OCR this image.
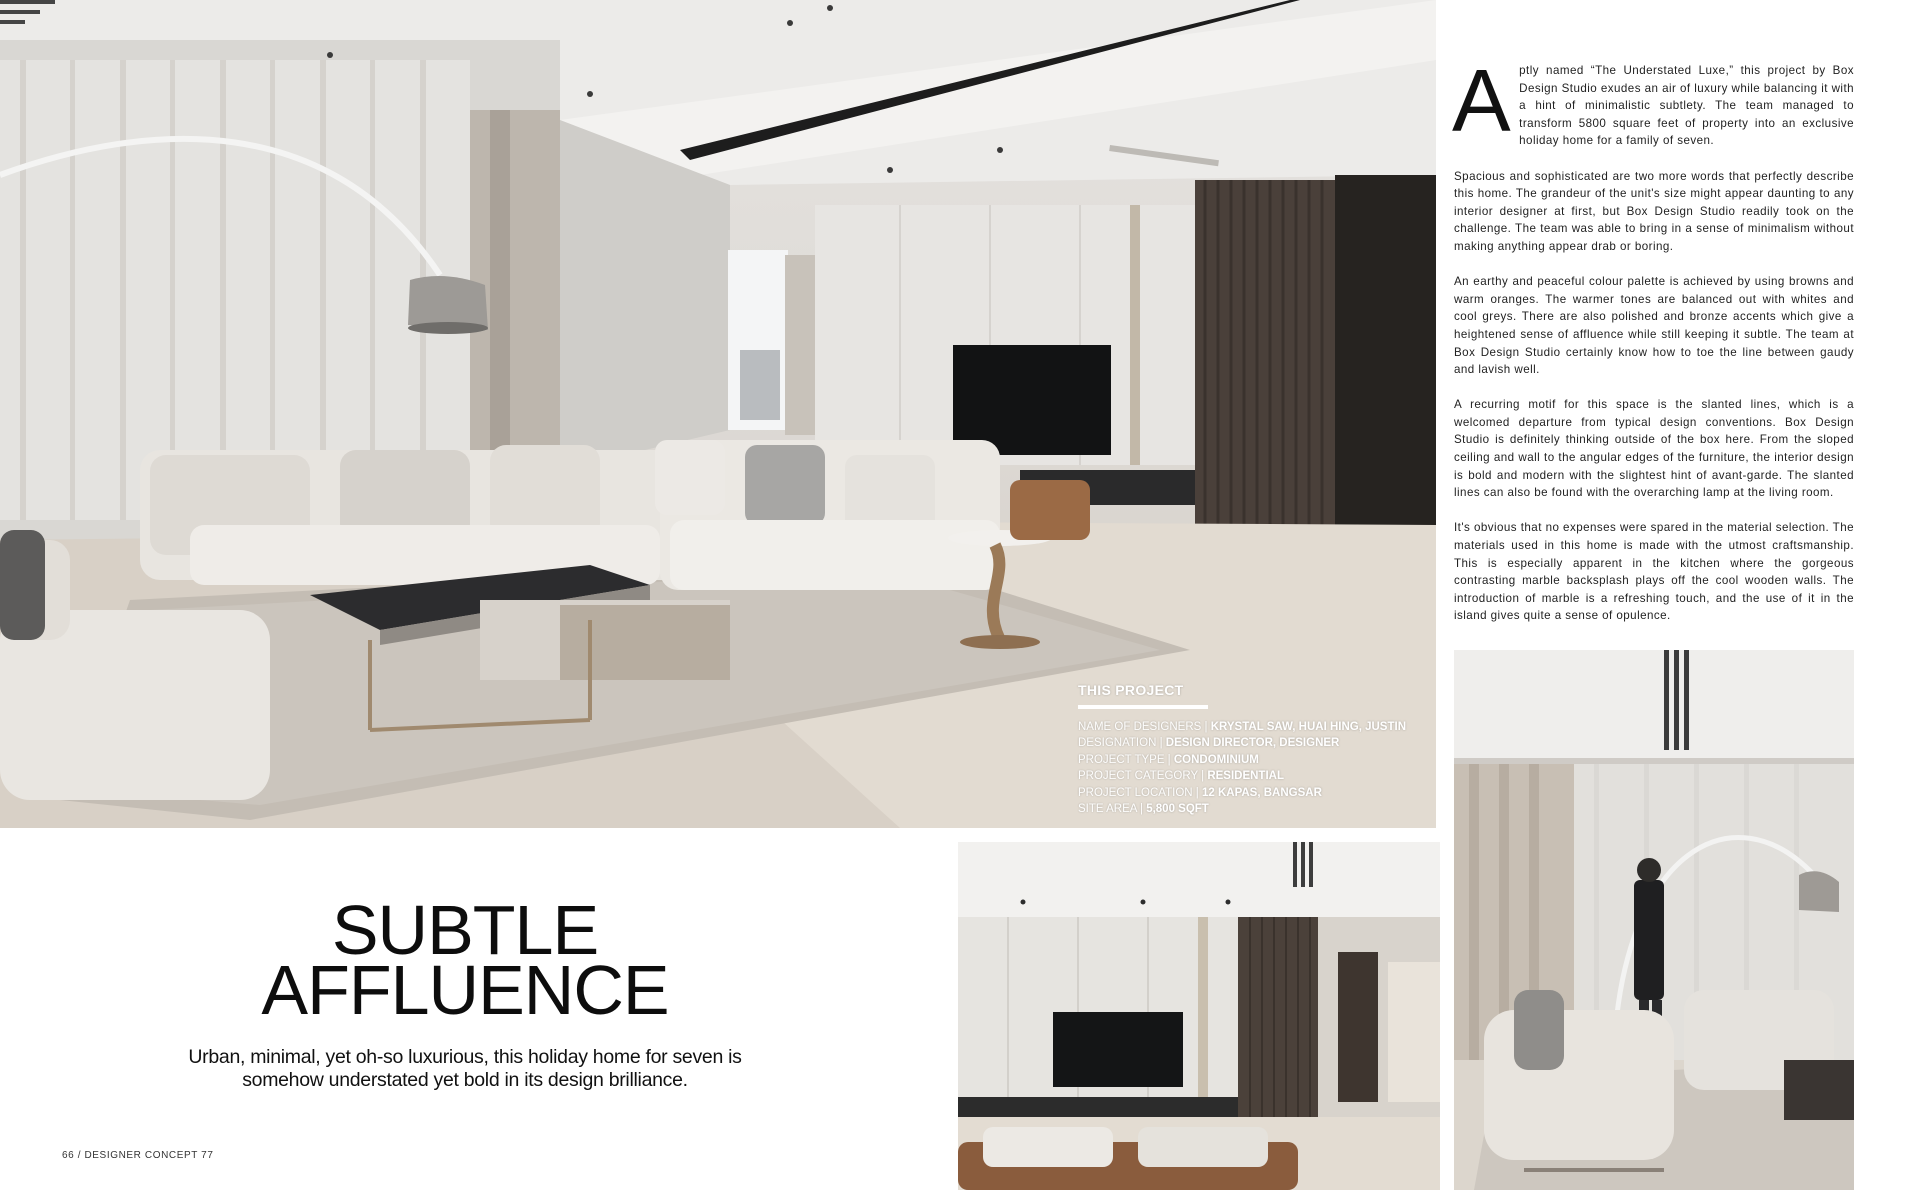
THIS PROJECT
NAME OF DESIGNERS | KRYSTAL SAW, HUAI HING, JUSTIN
DESIGNATION | DESIGN DIRECTOR, DESIGNER
PROJECT TYPE | CONDOMINIUM
PROJECT CATEGORY | RESIDENTIAL
PROJECT LOCATION | 12 KAPAS, BANGSAR
SITE AREA | 5,800 SQFT
SUBTLE
AFFLUENCE
Urban, minimal, yet oh-so luxurious, this holiday home for seven is
somehow understated yet bold in its design brilliance.
66 / DESIGNER CONCEPT 77

Aptly named “The Understated Luxe,” this project by Box Design Studio exudes an air of luxury while balancing it with a hint of minimalistic subtlety. The team managed to transform 5800 square feet of property into an exclusive holiday home for a family of seven.

Spacious and sophisticated are two more words that perfectly describe this home. The grandeur of the unit's size might appear daunting to any interior designer at first, but Box Design Studio readily took on the challenge. The team was able to bring in a sense of minimalism without making anything appear drab or boring.

An earthy and peaceful colour palette is achieved by using browns and warm oranges. The warmer tones are balanced out with whites and cool greys. There are also polished and bronze accents which give a heightened sense of affluence while still keeping it subtle. The team at Box Design Studio certainly know how to toe the line between gaudy and lavish well.

A recurring motif for this space is the slanted lines, which is a welcomed departure from typical design conventions. Box Design Studio is definitely thinking outside of the box here. From the sloped ceiling and wall to the angular edges of the furniture, the interior design is bold and modern with the slightest hint of avant-garde. The slanted lines can also be found with the overarching lamp at the living room.

It's obvious that no expenses were spared in the material selection. The materials used in this home is made with the utmost craftsmanship. This is especially apparent in the kitchen where the gorgeous contrasting marble backsplash plays off the cool wooden walls. The introduction of marble is a refreshing touch, and the use of it in the island gives quite a sense of opulence.
